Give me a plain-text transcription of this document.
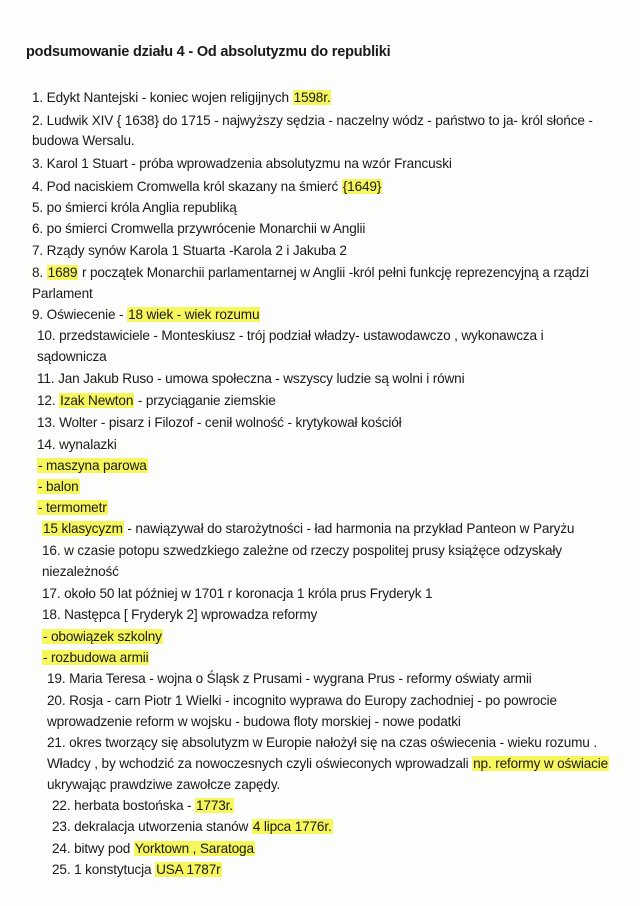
podsumowanie działu 4 - Od absolutyzmu do republiki
1. Edykt Nantejski - koniec wojen religijnych 1598r.
2. Ludwik XIV { 1638} do 1715 - najwyższy sędzia - naczelny wódz - państwo to ja- król słońce -
budowa Wersalu.
3. Karol 1 Stuart - próba wprowadzenia absolutyzmu na wzór Francuski
4. Pod naciskiem Cromwella król skazany na śmierć {1649}
5. po śmierci króla Anglia republiką
6. po śmierci Cromwella przywrócenie Monarchii w Anglii
7. Rządy synów Karola 1 Stuarta -Karola 2 i Jakuba 2
8. 1689 r początek Monarchii parlamentarnej w Anglii -król pełni funkcję reprezencyjną a rządzi
Parlament
9. Oświecenie - 18 wiek - wiek rozumu
10. przedstawiciele - Monteskiusz - trój podział władzy- ustawodawczo , wykonawcza i
sądownicza
11. Jan Jakub Ruso - umowa społeczna - wszyscy ludzie są wolni i równi
12. Izak Newton - przyciąganie ziemskie
13. Wolter - pisarz i Filozof - cenił wolność - krytykował kościół
14. wynalazki
- maszyna parowa
- balon
- termometr
15 klasycyzm - nawiązywał do starożytności - ład harmonia na przykład Panteon w Paryżu
16. w czasie potopu szwedzkiego zależne od rzeczy pospolitej prusy książęce odzyskały
niezależność
17. około 50 lat później w 1701 r koronacja 1 króla prus Fryderyk 1
18. Następca [ Fryderyk 2] wprowadza reformy
- obowiązek szkolny
- rozbudowa armii
19. Maria Teresa - wojna o Śląsk z Prusami - wygrana Prus - reformy oświaty armii
20. Rosja - carn Piotr 1 Wielki - incognito wyprawa do Europy zachodniej - po powrocie
wprowadzenie reform w wojsku - budowa floty morskiej - nowe podatki
21. okres tworzący się absolutyzm w Europie nałożył się na czas oświecenia - wieku rozumu .
Władcy , by wchodzić za nowoczesnych czyli oświeconych wprowadzali np. reformy w oświacie
ukrywając prawdziwe zawołcze zapędy.
22. herbata bostońska - 1773r.
23. dekralacja utworzenia stanów 4 lipca 1776r.
24. bitwy pod Yorktown , Saratoga
25. 1 konstytucja USA 1787r
